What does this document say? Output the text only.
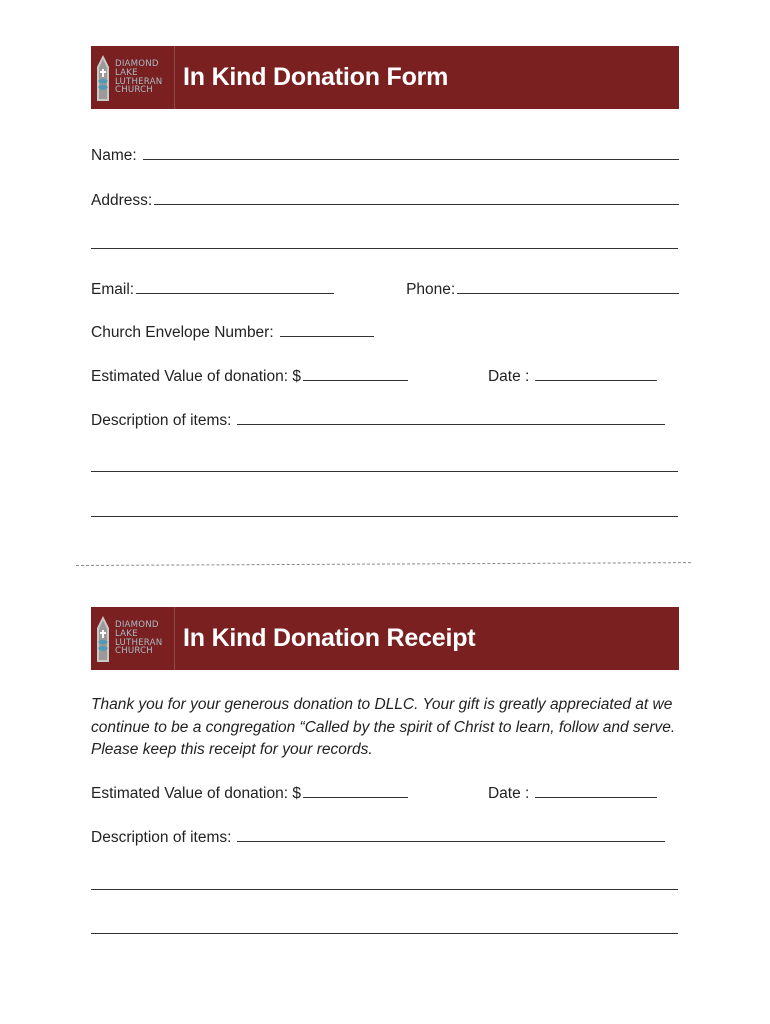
DIAMOND
LAKE
LUTHERAN
CHURCH	In Kind Donation Form
Name:
Address:
Email:	Phone:
Church Envelope Number:
Estimated Value of donation: $	Date :
Description of items:
DIAMOND
LAKE
LUTHERAN
CHURCH	In Kind Donation Receipt
Thank you for your generous donation to DLLC. Your gift is greatly appreciated at we continue to be a congregation “Called by the spirit of Christ to learn, follow and serve. Please keep this receipt for your records.
Estimated Value of donation: $	Date :
Description of items:
